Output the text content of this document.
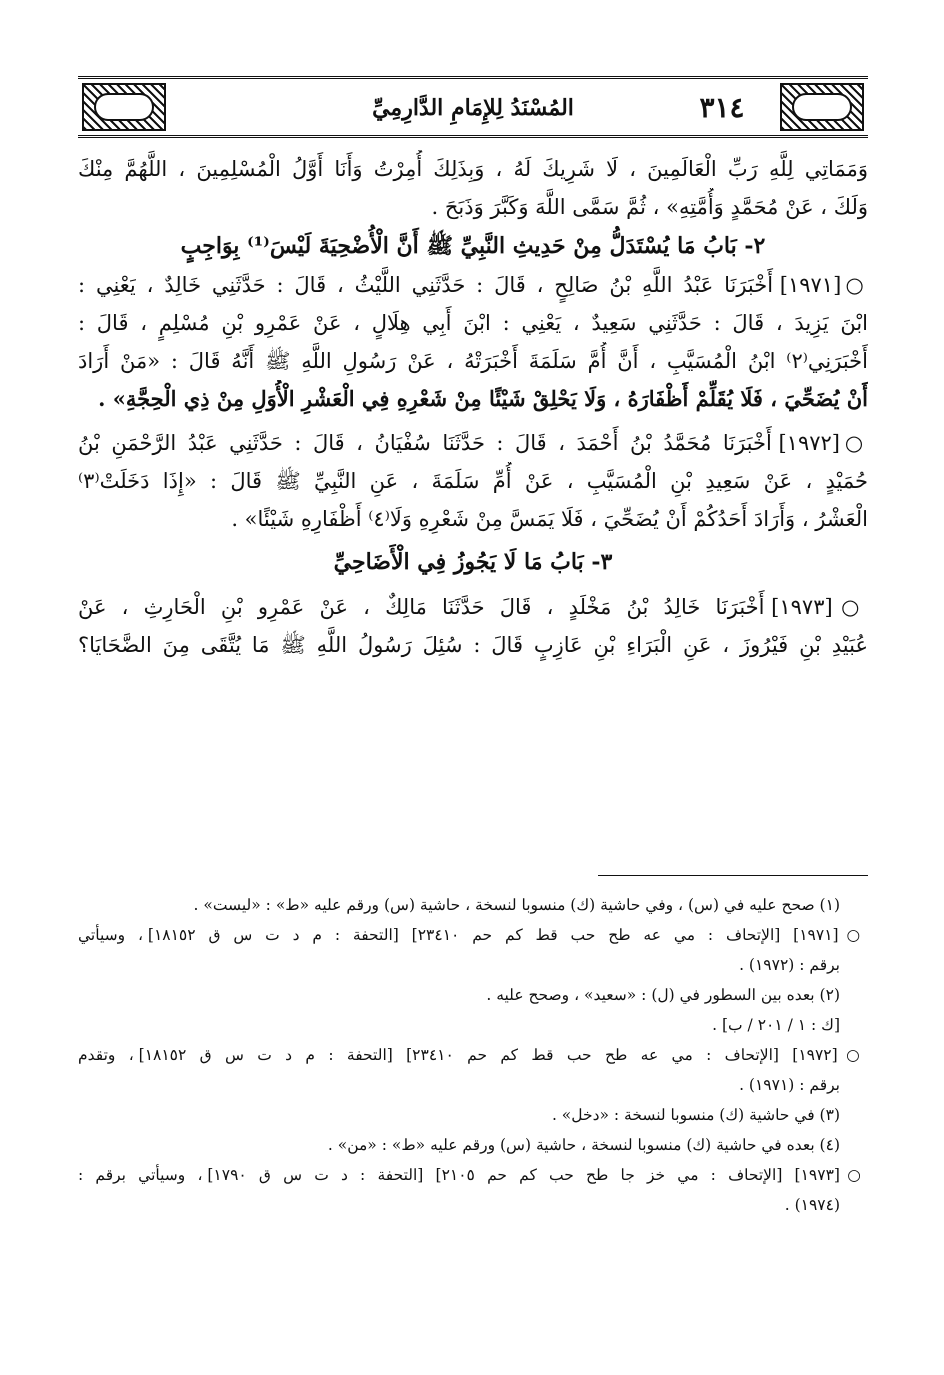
٣١٤
المُسْنَدُ لِلإِمَامِ الدَّارِمِيِّ
وَمَمَاتِي لِلَّهِ رَبِّ الْعَالَمِينَ ، لَا شَرِيكَ لَهُ ، وَبِذَلِكَ أُمِرْتُ وَأَنَا أَوَّلُ الْمُسْلِمِينَ ، اللَّهُمَّ مِنْكَ
وَلَكَ ، عَنْ مُحَمَّدٍ وَأُمَّتِهِ» ، ثُمَّ سَمَّى اللَّهَ وَكَبَّرَ وَذَبَحَ .
٢- بَابُ مَا يُسْتَدَلُّ مِنْ حَدِيثِ النَّبِيِّ ﷺ أَنَّ الْأُضْحِيَةَ لَيْسَ⁽¹⁾ بِوَاجِبٍ
○[١٩٧١] أَخْبَرَنَا عَبْدُ اللَّهِ بْنُ صَالِحٍ ، قَالَ : حَدَّثَنِي اللَّيْثُ ، قَالَ : حَدَّثَنِي خَالِدٌ ، يَعْنِي :
ابْنَ يَزِيدَ ، قَالَ : حَدَّثَنِي سَعِيدٌ ، يَعْنِي : ابْنَ أَبِي هِلَالٍ ، عَنْ عَمْرِو بْنِ مُسْلِمٍ ، قَالَ :
أَخْبَرَنِي⁽٢⁾ ابْنُ الْمُسَيَّبِ ، أَنَّ أُمَّ سَلَمَةَ أَخْبَرَتْهُ ، عَنْ رَسُولِ اللَّهِ ﷺ أَنَّهُ قَالَ : «مَنْ أَرَادَ
أَنْ يُضَحِّيَ ، فَلَا يُقَلِّمْ أَظْفَارَهُ ، وَلَا يَحْلِقْ شَيْئًا مِنْ شَعْرِهِ فِي الْعَشْرِ الْأُوَلِ مِنْ ذِي الْحِجَّةِ» .
○[١٩٧٢] أَخْبَرَنَا مُحَمَّدُ بْنُ أَحْمَدَ ، قَالَ : حَدَّثَنَا سُفْيَانُ ، قَالَ : حَدَّثَنِي عَبْدُ الرَّحْمَنِ بْنُ
حُمَيْدٍ ، عَنْ سَعِيدِ بْنِ الْمُسَيَّبِ ، عَنْ أُمِّ سَلَمَةَ ، عَنِ النَّبِيِّ ﷺ قَالَ : «إِذَا دَخَلَتْ⁽٣⁾
الْعَشْرُ ، وَأَرَادَ أَحَدُكُمْ أَنْ يُضَحِّيَ ، فَلَا يَمَسَّ مِنْ شَعْرِهِ وَلَا⁽٤⁾ أَظْفَارِهِ شَيْئًا» .
٣- بَابُ مَا لَا يَجُوزُ فِي الْأَضَاحِيِّ
○[١٩٧٣] أَخْبَرَنَا خَالِدُ بْنُ مَخْلَدٍ ، قَالَ حَدَّثَنَا مَالِكٌ ، عَنْ عَمْرِو بْنِ الْحَارِثِ ، عَنْ
عُبَيْدِ بْنِ فَيْرُوزَ ، عَنِ الْبَرَاءِ بْنِ عَازِبٍ قَالَ : سُئِلَ رَسُولُ اللَّهِ ﷺ مَا يُتَّقَى مِنَ الضَّحَايَا؟
(١) صحح عليه في (س) ، وفي حاشية (ك) منسوبا لنسخة ، حاشية (س) ورقم عليه «ط» : «ليست» .
○[١٩٧١] [الإتحاف : مي عه طح حب قط كم حم ٢٣٤١٠] [التحفة : م د ت س ق ١٨١٥٢] ، وسيأتي
برقم : (١٩٧٢) .
(٢) بعده بين السطور في (ل) : «سعيد» ، وصحح عليه .
[ك : ١ / ٢٠١ / ب] .
○[١٩٧٢] [الإتحاف : مي عه طح حب قط كم حم ٢٣٤١٠] [التحفة : م د ت س ق ١٨١٥٢] ، وتقدم
برقم : (١٩٧١) .
(٣) في حاشية (ك) منسوبا لنسخة : «دخل» .
(٤) بعده في حاشية (ك) منسوبا لنسخة ، حاشية (س) ورقم عليه «ط» : «من» .
○[١٩٧٣] [الإتحاف : مي خز جا طح حب كم حم ٢١٠٥] [التحفة : د ت س ق ١٧٩٠] ، وسيأتي برقم :
(١٩٧٤) .
